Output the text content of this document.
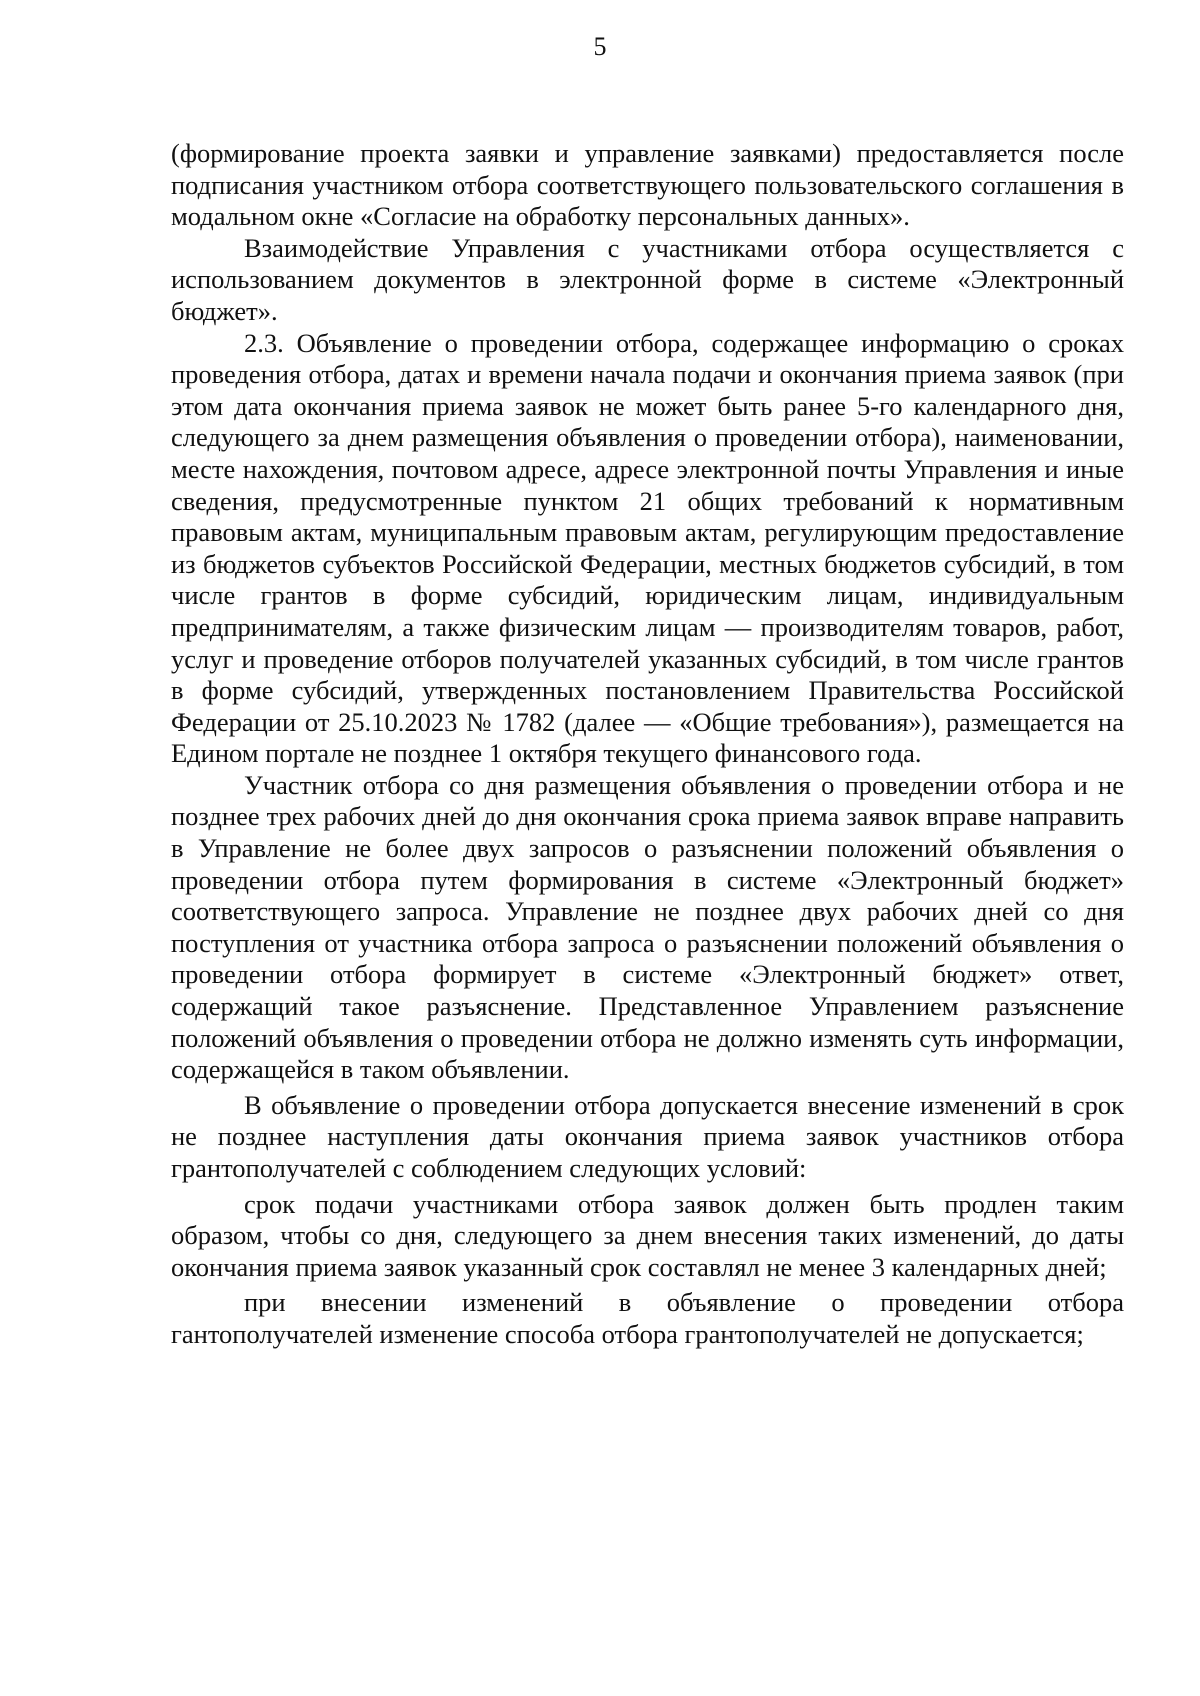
5

(формирование проекта заявки и управление заявками) предоставляется после подписания участником отбора соответствующего пользовательского соглашения в модальном окне «Согласие на обработку персональных данных».

Взаимодействие Управления с участниками отбора осуществляется с использованием документов в электронной форме в системе «Электронный бюджет».

2.3. Объявление о проведении отбора, содержащее информацию о сроках проведения отбора, датах и времени начала подачи и окончания приема заявок (при этом дата окончания приема заявок не может быть ранее 5-го календарного дня, следующего за днем размещения объявления о проведении отбора), наименовании, месте нахождения, почтовом адресе, адресе электронной почты Управления и иные сведения, предусмотренные пунктом 21 общих требований к нормативным правовым актам, муниципальным правовым актам, регулирующим предоставление из бюджетов субъектов Российской Федерации, местных бюджетов субсидий, в том числе грантов в форме субсидий, юридическим лицам, индивидуальным предпринимателям, а также физическим лицам — производителям товаров, работ, услуг и проведение отборов получателей указанных субсидий, в том числе грантов в форме субсидий, утвержденных постановлением Правительства Российской Федерации от 25.10.2023 № 1782 (далее — «Общие требования»), размещается на Едином портале не позднее 1 октября текущего финансового года.

Участник отбора со дня размещения объявления о проведении отбора и не позднее трех рабочих дней до дня окончания срока приема заявок вправе направить в Управление не более двух запросов о разъяснении положений объявления о проведении отбора путем формирования в системе «Электронный бюджет» соответствующего запроса. Управление не позднее двух рабочих дней со дня поступления от участника отбора запроса о разъяснении положений объявления о проведении отбора формирует в системе «Электронный бюджет» ответ, содержащий такое разъяснение. Представленное Управлением разъяснение положений объявления о проведении отбора не должно изменять суть информации, содержащейся в таком объявлении.

В объявление о проведении отбора допускается внесение изменений в срок не позднее наступления даты окончания приема заявок участников отбора грантополучателей с соблюдением следующих условий:

срок подачи участниками отбора заявок должен быть продлен таким образом, чтобы со дня, следующего за днем внесения таких изменений, до даты окончания приема заявок указанный срок составлял не менее 3 календарных дней;

при внесении изменений в объявление о проведении отбора гантополучателей изменение способа отбора грантополучателей не допускается;
